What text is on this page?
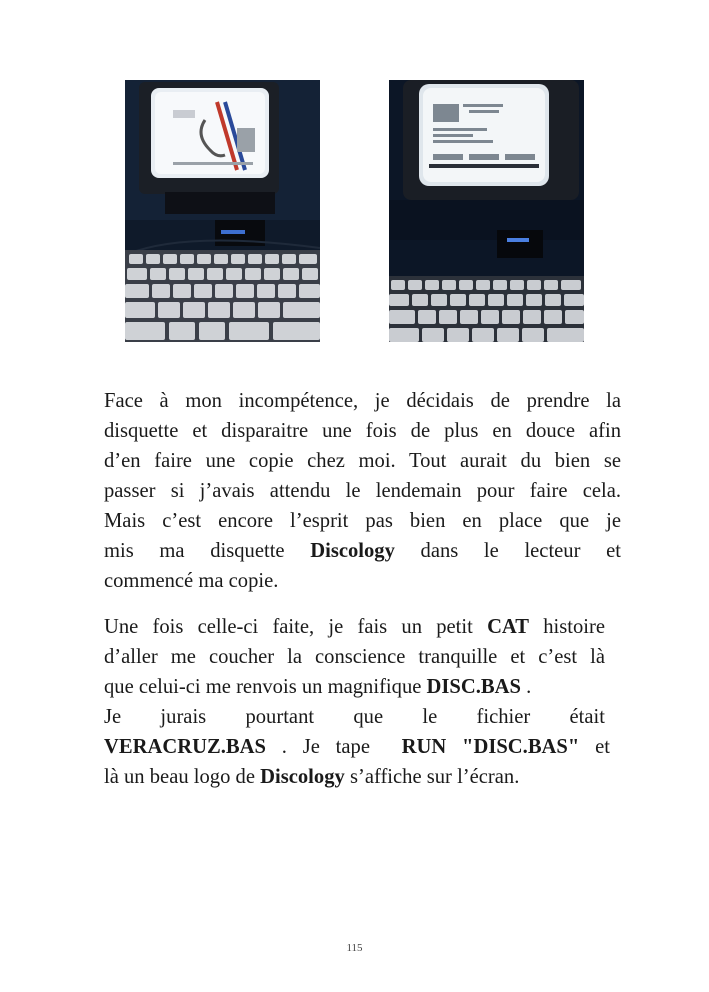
Face à mon incompétence, je décidais de prendre la
disquette et disparaitre une fois de plus en douce afin
d’en faire une copie chez moi. Tout aurait du bien se
passer si j’avais attendu le lendemain pour faire cela.
Mais c’est encore l’esprit pas bien en place que je
mis ma disquette Discology dans le lecteur et
commencé ma copie.
Une fois celle-ci faite, je fais un petit CAT histoire
d’aller me coucher la conscience tranquille et c’est là
que celui-ci me renvois un magnifique DISC.BAS .
Je jurais pourtant que le fichier était
VERACRUZ.BAS . Je tape  RUN "DISC.BAS" et
là un beau logo de Discology s’affiche sur l’écran.
115
